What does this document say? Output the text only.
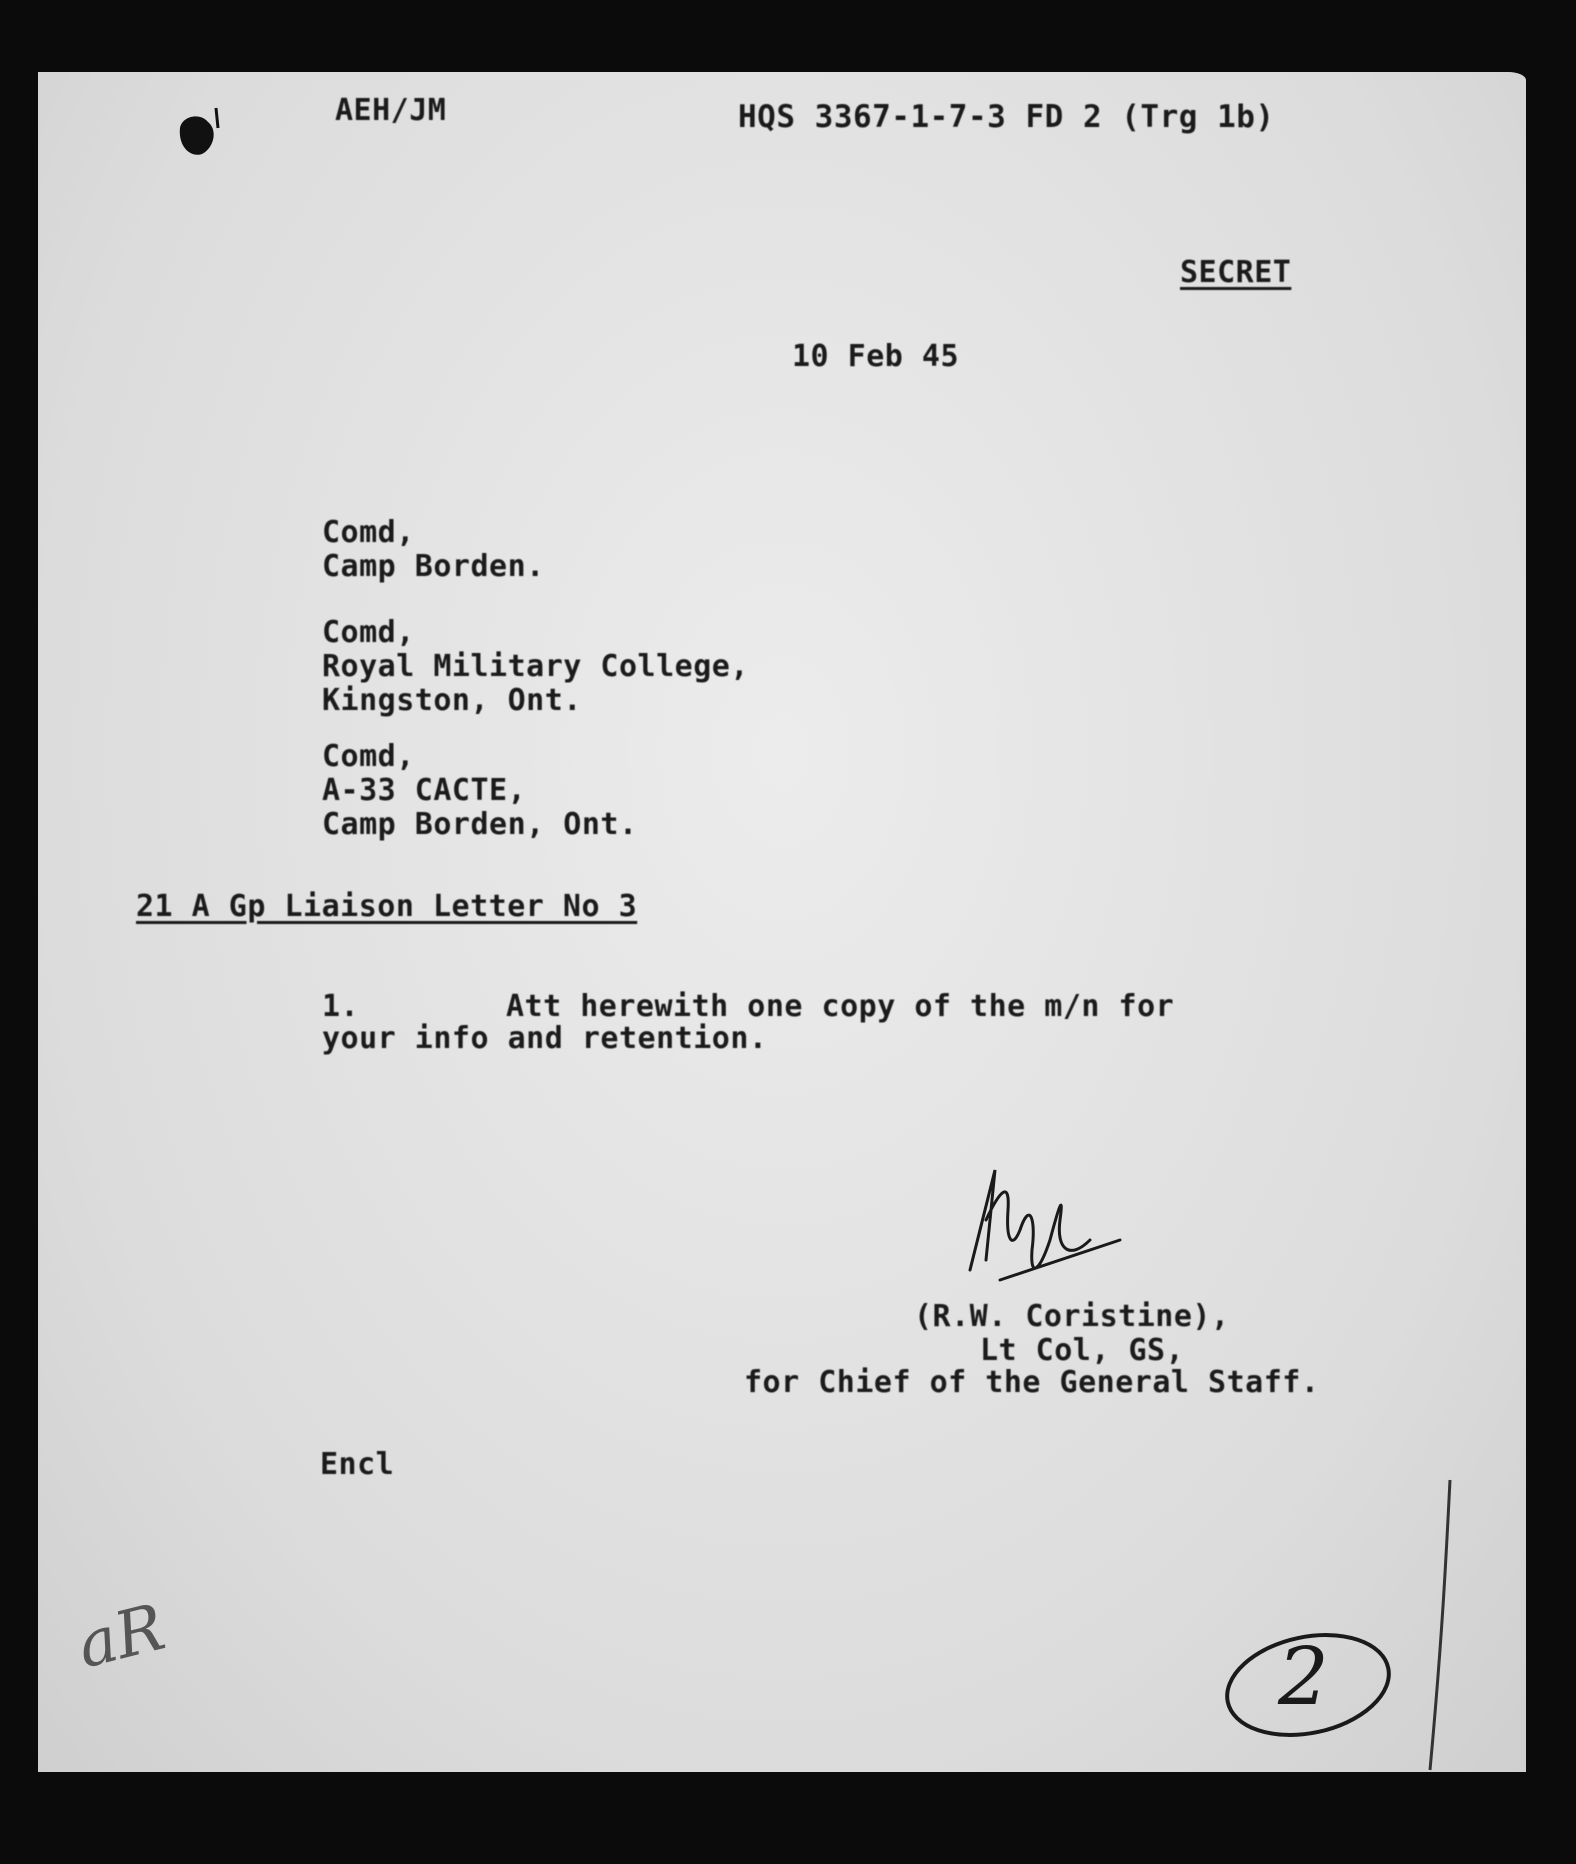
AEH/JM	HQS 3367-1-7-3 FD 2 (Trg 1b)
SECRET
10 Feb 45
Comd,
Camp Borden.
Comd,
Royal Military College,
Kingston, Ont.
Comd,
A-33 CACTE,
Camp Borden, Ont.
21 A Gp Liaison Letter No 3
1.	Att herewith one copy of the m/n for
your info and retention.
(R.W. Coristine),
Lt Col, GS,
for Chief of the General Staff.
Encl
aR	2
